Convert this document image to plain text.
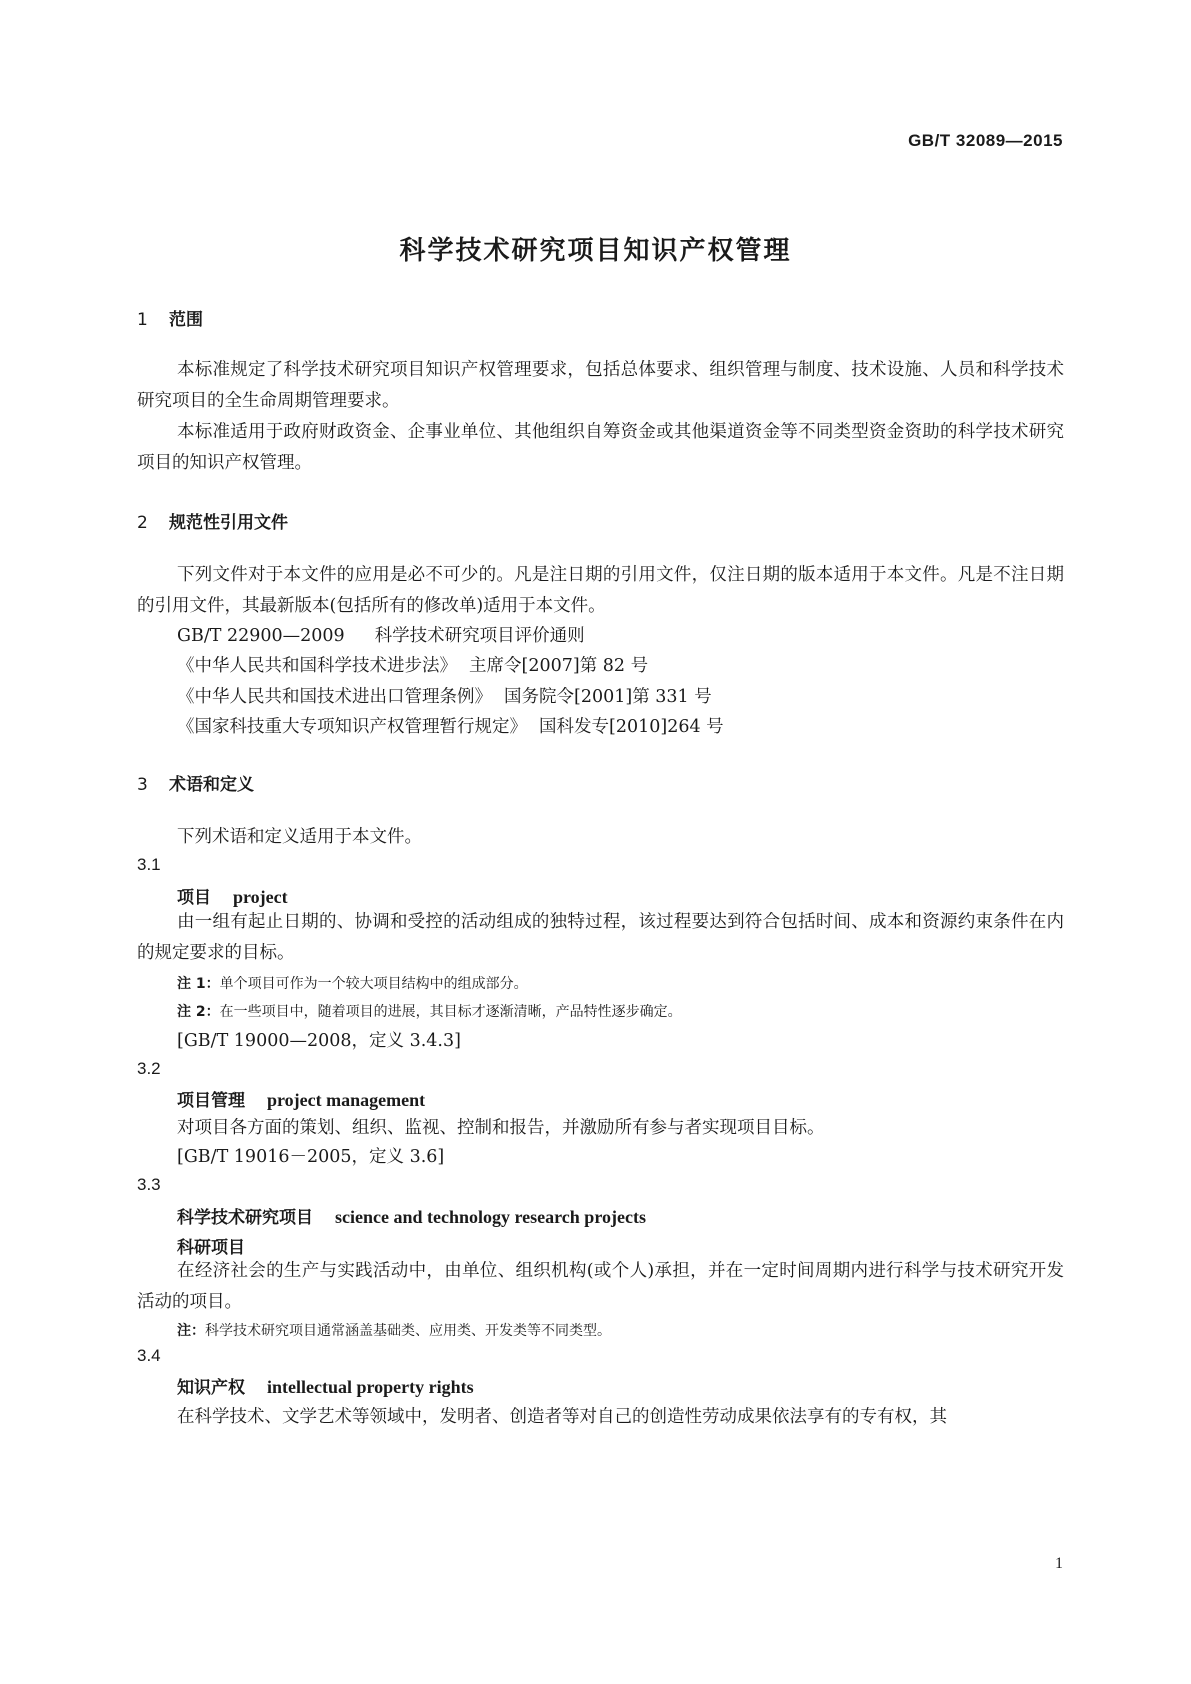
GB/T 32089—2015
科学技术研究项目知识产权管理
1 范围
本标准规定了科学技术研究项目知识产权管理要求，包括总体要求、组织管理与制度、技术设施、人员和科学技术研究项目的全生命周期管理要求。
本标准适用于政府财政资金、企事业单位、其他组织自筹资金或其他渠道资金等不同类型资金资助的科学技术研究项目的知识产权管理。
2 规范性引用文件
下列文件对于本文件的应用是必不可少的。凡是注日期的引用文件，仅注日期的版本适用于本文件。凡是不注日期的引用文件，其最新版本(包括所有的修改单)适用于本文件。
GB/T 22900—2009 科学技术研究项目评价通则
《中华人民共和国科学技术进步法》 主席令[2007]第 82 号
《中华人民共和国技术进出口管理条例》 国务院令[2001]第 331 号
《国家科技重大专项知识产权管理暂行规定》 国科发专[2010]264 号
3 术语和定义
下列术语和定义适用于本文件。
3.1
项目 project
由一组有起止日期的、协调和受控的活动组成的独特过程，该过程要达到符合包括时间、成本和资源约束条件在内的规定要求的目标。
注 1：单个项目可作为一个较大项目结构中的组成部分。
注 2：在一些项目中，随着项目的进展，其目标才逐渐清晰，产品特性逐步确定。
[GB/T 19000—2008，定义 3.4.3]
3.2
项目管理 project management
对项目各方面的策划、组织、监视、控制和报告，并激励所有参与者实现项目目标。
[GB/T 19016－2005，定义 3.6]
3.3
科学技术研究项目 science and technology research projects
科研项目
在经济社会的生产与实践活动中，由单位、组织机构(或个人)承担，并在一定时间周期内进行科学与技术研究开发活动的项目。
注：科学技术研究项目通常涵盖基础类、应用类、开发类等不同类型。
3.4
知识产权 intellectual property rights
在科学技术、文学艺术等领域中，发明者、创造者等对自己的创造性劳动成果依法享有的专有权，其
1
